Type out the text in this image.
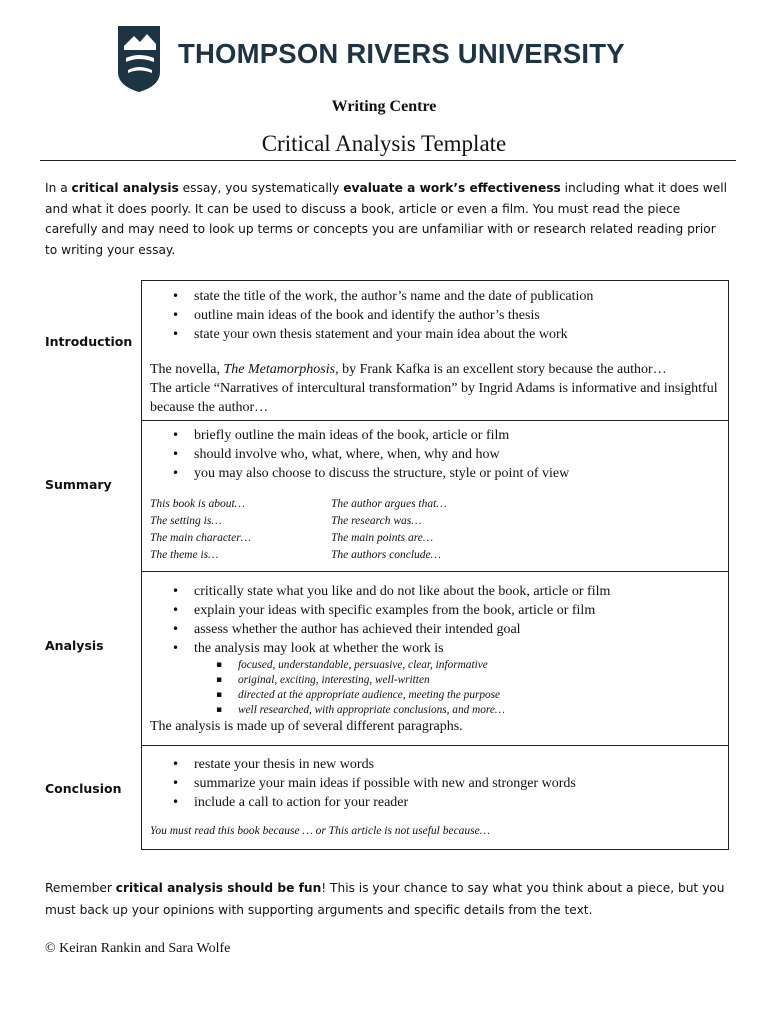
THOMPSON RIVERS UNIVERSITY
Writing Centre
Critical Analysis Template

In a critical analysis essay, you systematically evaluate a work’s effectiveness including what it does well and what it does poorly. It can be used to discuss a book, article or even a film. You must read the piece carefully and may need to look up terms or concepts you are unfamiliar with or research related reading prior to writing your essay.

Introduction
Summary
Analysis
Conclusion
• state the title of the work, the author’s name and the date of publication
• outline main ideas of the book and identify the author’s thesis
• state your own thesis statement and your main idea about the work

The novella, The Metamorphosis, by Frank Kafka is an excellent story because the author…

The article “Narratives of intercultural transformation” by Ingrid Adams is informative and insightful because the author…

• briefly outline the main ideas of the book, article or film
• should involve who, what, where, when, why and how
• you may also choose to discuss the structure, style or point of view
This book is about…
The setting is…
The main character…
The theme is…
The author argues that…
The research was…
The main points are…
The authors conclude…
• critically state what you like and do not like about the book, article or film
• explain your ideas with specific examples from the book, article or film
• assess whether the author has achieved their intended goal
• the analysis may look at whether the work is
▪ focused, understandable, persuasive, clear, informative
▪ original, exciting, interesting, well-written
▪ directed at the appropriate audience, meeting the purpose
▪ well researched, with appropriate conclusions, and more…

The analysis is made up of several different paragraphs.

• restate your thesis in new words
• summarize your main ideas if possible with new and stronger words
• include a call to action for your reader

You must read this book because … or This article is not useful because…

Remember critical analysis should be fun! This is your chance to say what you think about a piece, but you must back up your opinions with supporting arguments and specific details from the text.

© Keiran Rankin and Sara Wolfe
